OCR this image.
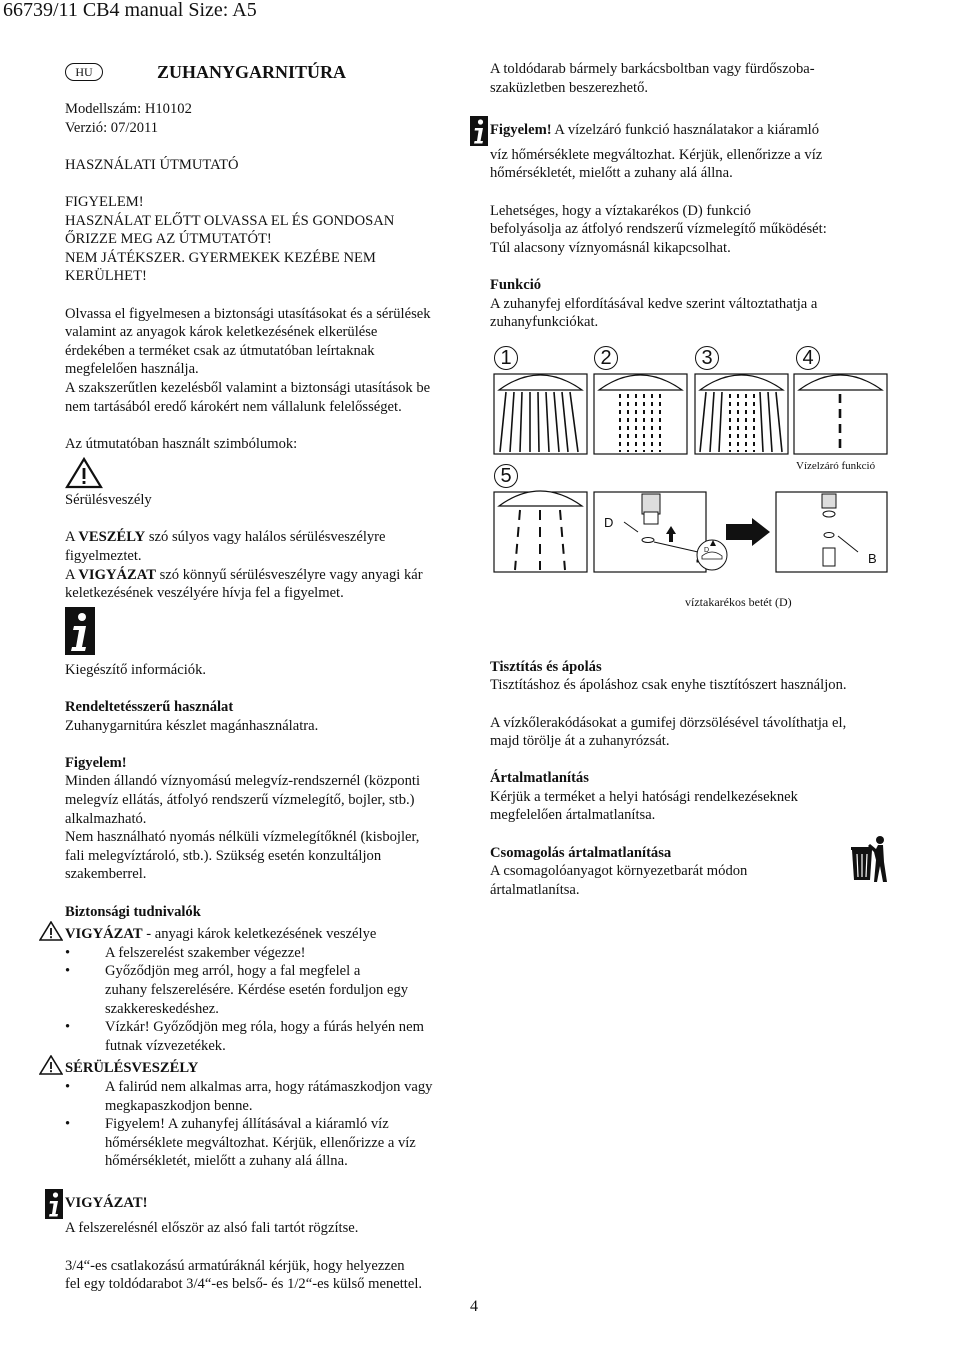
66739/11 CB4 manual Size: A5
HU	ZUHANYGARNITÚRA

Modellszám: H10102

Verzió: 07/2011

HASZNÁLATI ÚTMUTATÓ

FIGYELEM!

HASZNÁLAT ELŐTT OLVASSA EL ÉS GONDOSAN

ŐRIZZE MEG AZ ÚTMUTATÓT!

NEM JÁTÉKSZER. GYERMEKEK KEZÉBE NEM

KERÜLHET!

Olvassa el figyelmesen a biztonsági utasításokat és a sérülések

valamint az anyagok károk keletkezésének elkerülése

érdekében a terméket csak az útmutatóban leírtaknak

megfelelően használja.

A szakszerűtlen kezelésből valamint a biztonsági utasítások be

nem tartásából eredő károkért nem vállalunk felelősséget.

Az útmutatóban használt szimbólumok:

Sérülésveszély

A VESZÉLY szó súlyos vagy halálos sérülésveszélyre

figyelmeztet.

A VIGYÁZAT szó könnyű sérülésveszélyre vagy anyagi kár

keletkezésének veszélyére hívja fel a figyelmet.

Kiegészítő információk.

Rendeltetésszerű használat

Zuhanygarnitúra készlet magánhasználatra.

Figyelem!

Minden állandó víznyomású melegvíz-rendszernél (központi

melegvíz ellátás, átfolyó rendszerű vízmelegítő, bojler, stb.)

alkalmazható.

Nem használható nyomás nélküli vízmelegítőknél (kisbojler,

fali melegvíztároló, stb.). Szükség esetén konzultáljon

szakemberrel.

Biztonsági tudnivalók

VIGYÁZAT - anyagi károk keletkezésének veszélye

• A felszerelést szakember végezze!

• Győződjön meg arról, hogy a fal megfelel a

zuhany felszerelésére. Kérdése esetén forduljon egy

szakkereskedéshez.

• Vízkár! Győződjön meg róla, hogy a fúrás helyén nem

futnak vízvezetékek.

SÉRÜLÉSVESZÉLY

• A falirúd nem alkalmas arra, hogy rátámaszkodjon vagy

megkapaszkodjon benne.

• Figyelem! A zuhanyfej állításával a kiáramló víz

hőmérséklete megváltozhat. Kérjük, ellenőrizze a víz

hőmérsékletét, mielőtt a zuhany alá állna.

VIGYÁZAT!

A felszerelésnél először az alsó fali tartót rögzítse.

3/4“-es csatlakozású armatúráknál kérjük, hogy helyezzen

fel egy toldódarabot 3/4“-es belső- és 1/2“-es külső menettel.

A toldódarab bármely barkácsboltban vagy fürdőszoba-

szaküzletben beszerezhető.

Figyelem! A vízelzáró funkció használatakor a kiáramló

víz hőmérséklete megváltozhat. Kérjük, ellenőrizze a víz

hőmérsékletét, mielőtt a zuhany alá állna.

Lehetséges, hogy a víztakarékos (D) funkció

befolyásolja az átfolyó rendszerű vízmelegítő működését:

Túl alacsony víznyomásnál kikapcsolhat.

Funkció

A zuhanyfej elfordításával kedve szerint változtathatja a

zuhanyfunkciókat.

1	2	3	4
5	Vízelzáró funkció
D
D
B
víztakarékos betét (D)

Tisztítás és ápolás

Tisztításhoz és ápoláshoz csak enyhe tisztítószert használjon.

A vízkőlerakódásokat a gumifej dörzsölésével távolíthatja el,

majd törölje át a zuhanyrózsát.

Ártalmatlanítás

Kérjük a terméket a helyi hatósági rendelkezéseknek

megfelelően ártalmatlanítsa.

Csomagolás ártalmatlanítása

A csomagolóanyagot környezetbarát módon

ártalmatlanítsa.

4
